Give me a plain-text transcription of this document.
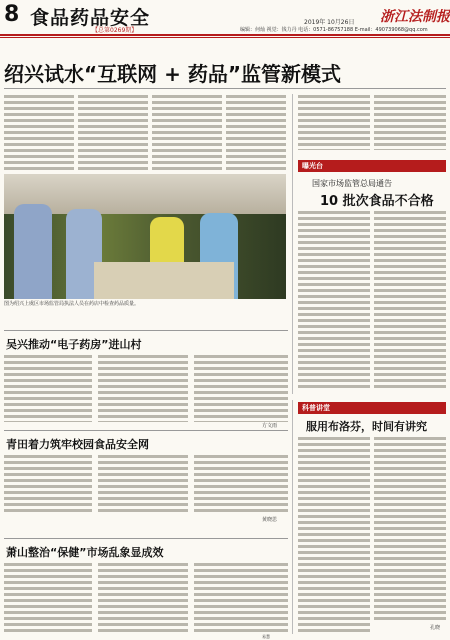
8 食品药品安全
【总第0269期】
2019年 10月26日 浙江法制报
编辑：何灿 视觉：钱力丹 电话：0571-86757188 E-mail：490739068@qq.com
绍兴试水“互联网 + 药品”监管新模式
图为绍兴上虞区市场监管局执法人员在药店中检查药品质量。
曝光台
国家市场监管总局通告
10 批次食品不合格
吴兴推动“电子药房”进山村
方文雨
青田着力筑牢校园食品安全网
黄晓思
萧山整治“保健”市场乱象显成效
易慧
科普讲堂
服用布洛芬，时间有讲究
孔晓
